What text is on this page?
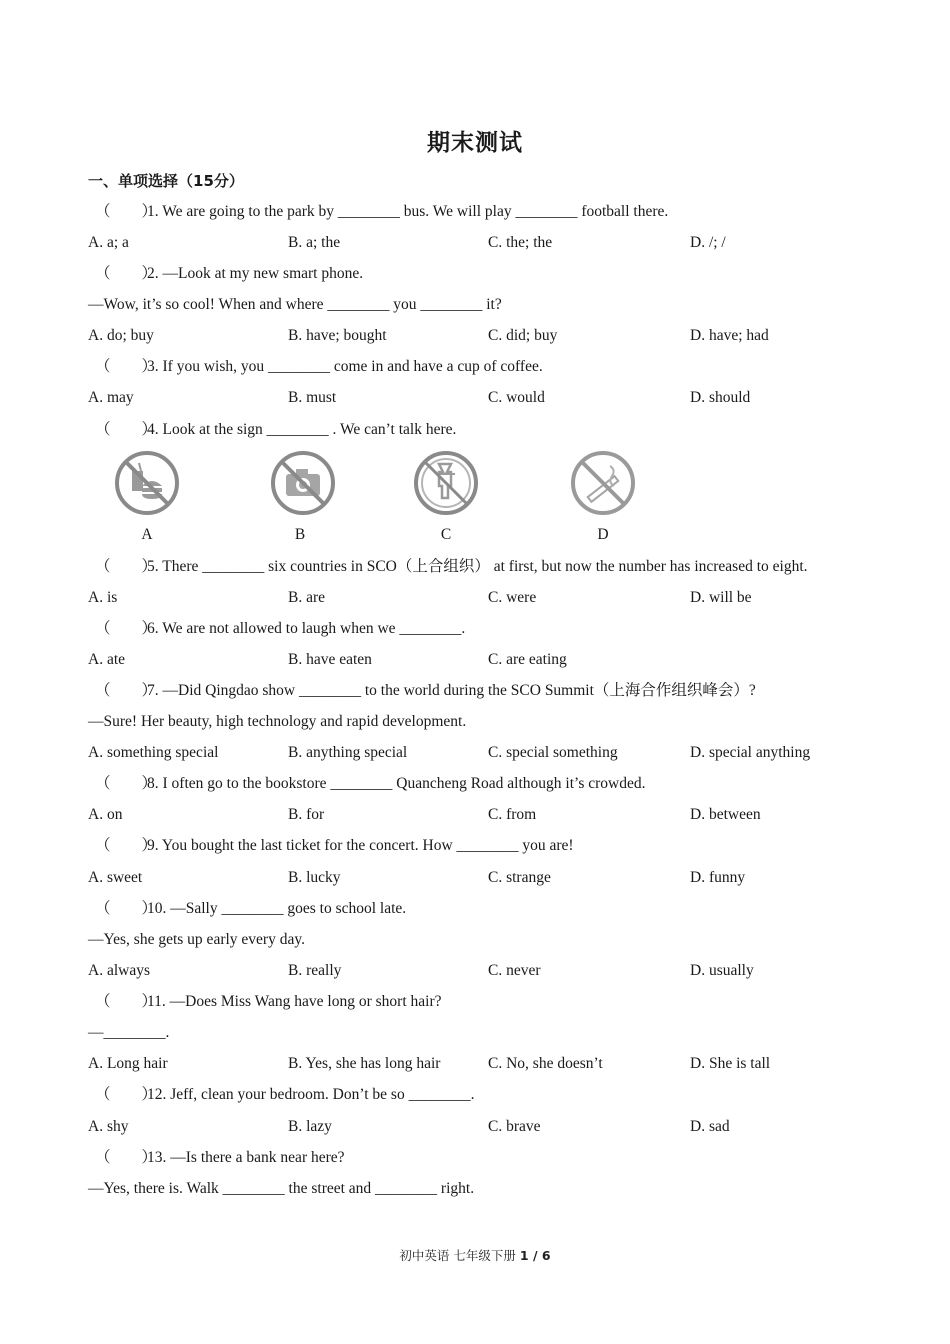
期末测试
一、单项选择（15分）
（　　）1. We are going to the park by ________ bus. We will play ________ football there.
A. a; a	B. a; the	C. the; the	D. /; /
（　　）2. —Look at my new smart phone.
—Wow, it’s so cool! When and where ________ you ________ it?
A. do; buy	B. have; bought	C. did; buy	D. have; had
（　　）3. If you wish, you ________ come in and have a cup of coffee.
A. may	B. must	C. would	D. should
（　　）4. Look at the sign ________ . We can’t talk here.
A	B	C	D
（　　）5. There ________ six countries in SCO（上合组织） at first, but now the number has increased to eight.
A. is	B. are	C. were	D. will be
（　　）6. We are not allowed to laugh when we ________.
A. ate	B. have eaten	C. are eating
（　　）7. —Did Qingdao show ________ to the world during the SCO Summit（上海合作组织峰会）?
—Sure! Her beauty, high technology and rapid development.
A. something special	B. anything special	C. special something	D. special anything
（　　）8. I often go to the bookstore ________ Quancheng Road although it’s crowded.
A. on	B. for	C. from	D. between
（　　）9. You bought the last ticket for the concert. How ________ you are!
A. sweet	B. lucky	C. strange	D. funny
（　　）10. —Sally ________ goes to school late.
—Yes, she gets up early every day.
A. always	B. really	C. never	D. usually
（　　）11. —Does Miss Wang have long or short hair?
—________.
A. Long hair	B. Yes, she has long hair	C. No, she doesn’t	D. She is tall
（　　）12. Jeff, clean your bedroom. Don’t be so ________.
A. shy	B. lazy	C. brave	D. sad
（　　）13. —Is there a bank near here?
—Yes, there is. Walk ________ the street and ________ right.
初中英语 七年级下册 1 / 6
